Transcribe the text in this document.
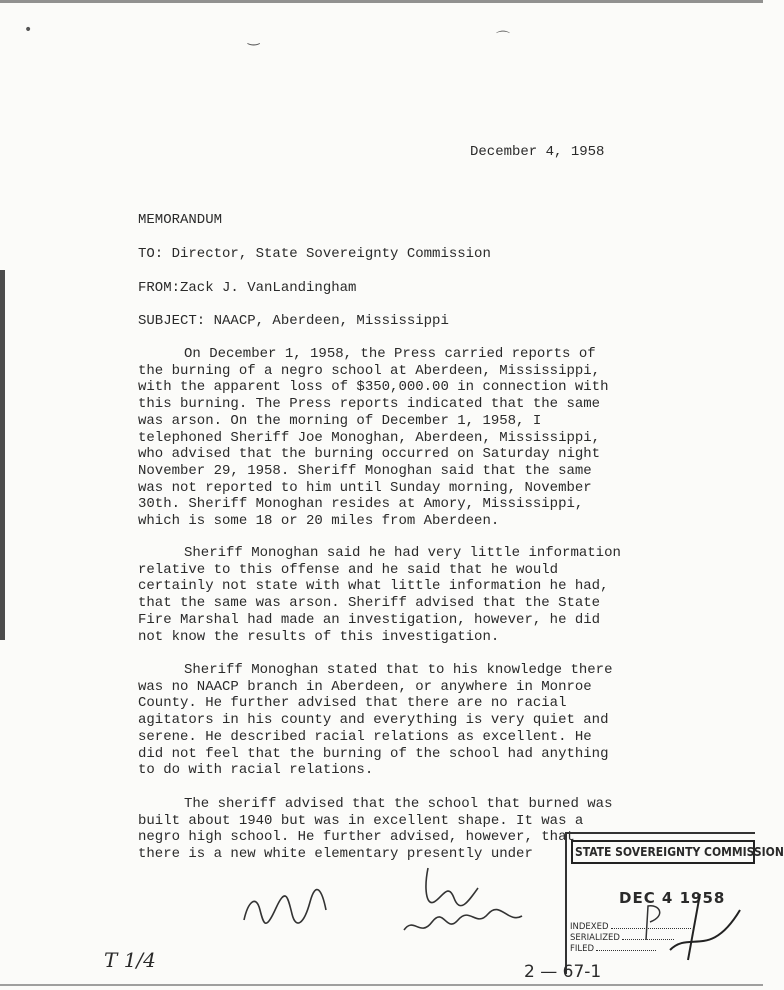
•	‿	⌒
December 4, 1958
MEMORANDUM
TO: Director, State Sovereignty Commission
FROM:Zack J. VanLandingham
SUBJECT: NAACP, Aberdeen, Mississippi

On December 1, 1958, the Press carried reports of

the burning of a negro school at Aberdeen, Mississippi,

with the apparent loss of $350,000.00 in connection with

this burning. The Press reports indicated that the same

was arson. On the morning of December 1, 1958, I

telephoned Sheriff Joe Monoghan, Aberdeen, Mississippi,

who advised that the burning occurred on Saturday night

November 29, 1958. Sheriff Monoghan said that the same

was not reported to him until Sunday morning, November

30th. Sheriff Monoghan resides at Amory, Mississippi,

which is some 18 or 20 miles from Aberdeen.

Sheriff Monoghan said he had very little information

relative to this offense and he said that he would

certainly not state with what little information he had,

that the same was arson. Sheriff advised that the State

Fire Marshal had made an investigation, however, he did

not know the results of this investigation.

Sheriff Monoghan stated that to his knowledge there

was no NAACP branch in Aberdeen, or anywhere in Monroe

County. He further advised that there are no racial

agitators in his county and everything is very quiet and

serene. He described racial relations as excellent. He

did not feel that the burning of the school had anything

to do with racial relations.

The sheriff advised that the school that burned was

built about 1940 but was in excellent shape. It was a

negro high school. He further advised, however, that

there is a new white elementary presently under	STATE SOVEREIGNTY COMMISSION
DEC 4 1958
INDEXED
SERIALIZED
FILED
T 1/4	2 — 67-1
